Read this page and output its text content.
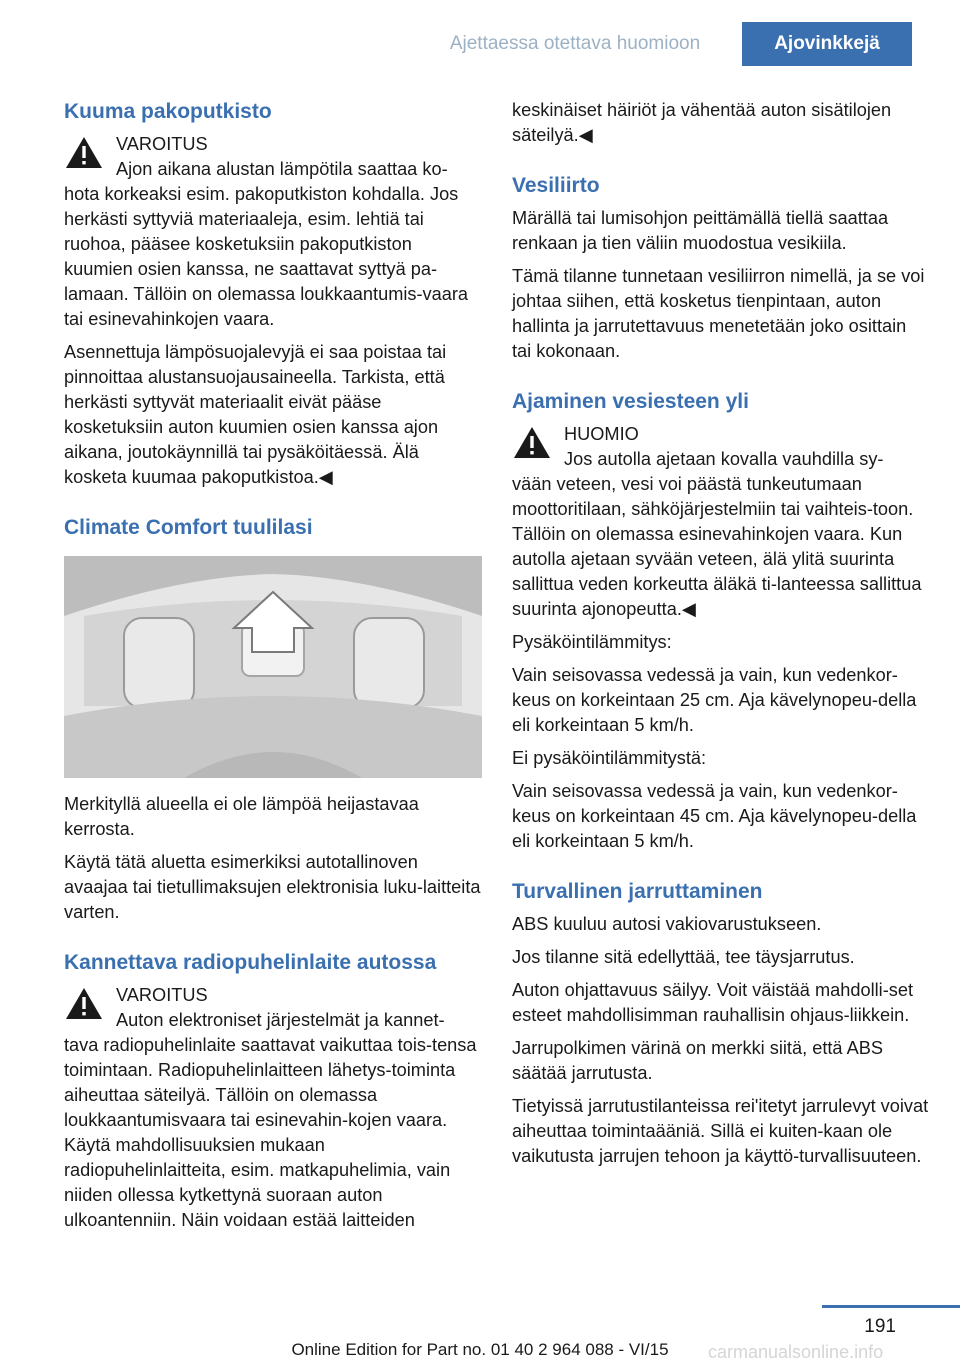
Ajettaessa otettava huomioon	Ajovinkkejä
Kuuma pakoputkisto

VAROITUS

Ajon aikana alustan lämpötila saattaa ko-

hota korkeaksi esim. pakoputkiston kohdalla. Jos herkästi syttyviä materiaaleja, esim. lehtiä tai ruohoa, pääsee kosketuksiin pakoputkiston kuumien osien kanssa, ne saattavat syttyä pa-lamaan. Tällöin on olemassa loukkaantumis-vaara tai esinevahinkojen vaara.

Asennettuja lämpösuojalevyjä ei saa poistaa tai pinnoittaa alustansuojausaineella. Tarkista, että herkästi syttyvät materiaalit eivät pääse kosketuksiin auton kuumien osien kanssa ajon aikana, joutokäynnillä tai pysäköitäessä. Älä kosketa kuumaa pakoputkistoa.◀

Climate Comfort tuulilasi

Merkityllä alueella ei ole lämpöä heijastavaa kerrosta.

Käytä tätä aluetta esimerkiksi autotallinoven avaajaa tai tietullimaksujen elektronisia luku-laitteita varten.

Kannettava radiopuhelinlaite autossa

VAROITUS

Auton elektroniset järjestelmät ja kannet-

tava radiopuhelinlaite saattavat vaikuttaa tois-tensa toimintaan. Radiopuhelinlaitteen lähetys-toiminta aiheuttaa säteilyä. Tällöin on olemassa loukkaantumisvaara tai esinevahin-kojen vaara. Käytä mahdollisuuksien mukaan radiopuhelinlaitteita, esim. matkapuhelimia, vain niiden ollessa kytkettynä suoraan auton ulkoantenniin. Näin voidaan estää laitteiden

keskinäiset häiriöt ja vähentää auton sisätilojen säteilyä.◀

Vesiliirto

Märällä tai lumisohjon peittämällä tiellä saattaa renkaan ja tien väliin muodostua vesikiila.

Tämä tilanne tunnetaan vesiliirron nimellä, ja se voi johtaa siihen, että kosketus tienpintaan, auton hallinta ja jarrutettavuus menetetään joko osittain tai kokonaan.

Ajaminen vesiesteen yli

HUOMIO

Jos autolla ajetaan kovalla vauhdilla sy-

vään veteen, vesi voi päästä tunkeutumaan moottoritilaan, sähköjärjestelmiin tai vaihteis-toon. Tällöin on olemassa esinevahinkojen vaara. Kun autolla ajetaan syvään veteen, älä ylitä suurinta sallittua veden korkeutta äläkä ti-lanteessa sallittua suurinta ajonopeutta.◀

Pysäköintilämmitys:

Vain seisovassa vedessä ja vain, kun vedenkor-keus on korkeintaan 25 cm. Aja kävelynopeu-della eli korkeintaan 5 km/h.

Ei pysäköintilämmitystä:

Vain seisovassa vedessä ja vain, kun vedenkor-keus on korkeintaan 45 cm. Aja kävelynopeu-della eli korkeintaan 5 km/h.

Turvallinen jarruttaminen

ABS kuuluu autosi vakiovarustukseen.

Jos tilanne sitä edellyttää, tee täysjarrutus.

Auton ohjattavuus säilyy. Voit väistää mahdolli-set esteet mahdollisimman rauhallisin ohjaus-liikkein.

Jarrupolkimen värinä on merkki siitä, että ABS säätää jarrutusta.

Tietyissä jarrutustilanteissa rei'itetyt jarrulevyt voivat aiheuttaa toimintaääniä. Sillä ei kuiten-kaan ole vaikutusta jarrujen tehoon ja käyttö-turvallisuuteen.

191
Online Edition for Part no. 01 40 2 964 088 - VI/15	carmanualsonline.info
